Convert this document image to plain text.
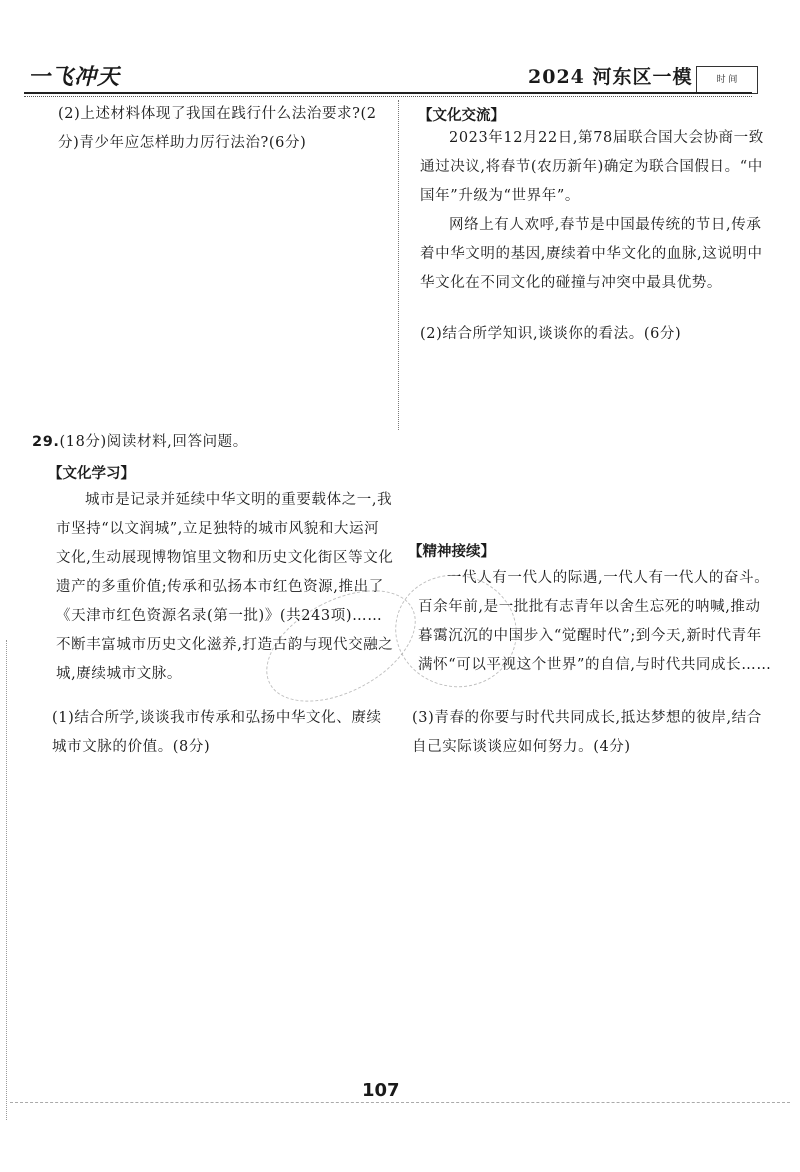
一飞冲天	2024 河东区一模	时 间

(2)上述材料体现了我国在践行什么法治要求?(2分)青少年应怎样助力厉行法治?(6分)

【文化交流】

2023年12月22日,第78届联合国大会协商一致通过决议,将春节(农历新年)确定为联合国假日。“中国年”升级为“世界年”。

网络上有人欢呼,春节是中国最传统的节日,传承着中华文明的基因,赓续着中华文化的血脉,这说明中华文化在不同文化的碰撞与冲突中最具优势。

(2)结合所学知识,谈谈你的看法。(6分)

29.(18分)阅读材料,回答问题。
【文化学习】

城市是记录并延续中华文明的重要载体之一,我市坚持“以文润城”,立足独特的城市风貌和大运河文化,生动展现博物馆里文物和历史文化街区等文化遗产的多重价值;传承和弘扬本市红色资源,推出了《天津市红色资源名录(第一批)》(共243项)……不断丰富城市历史文化滋养,打造古韵与现代交融之城,赓续城市文脉。

(1)结合所学,谈谈我市传承和弘扬中华文化、赓续城市文脉的价值。(8分)

【精神接续】

一代人有一代人的际遇,一代人有一代人的奋斗。百余年前,是一批批有志青年以舍生忘死的呐喊,推动暮霭沉沉的中国步入“觉醒时代”;到今天,新时代青年满怀“可以平视这个世界”的自信,与时代共同成长……

(3)青春的你要与时代共同成长,抵达梦想的彼岸,结合自己实际谈谈应如何努力。(4分)

107
